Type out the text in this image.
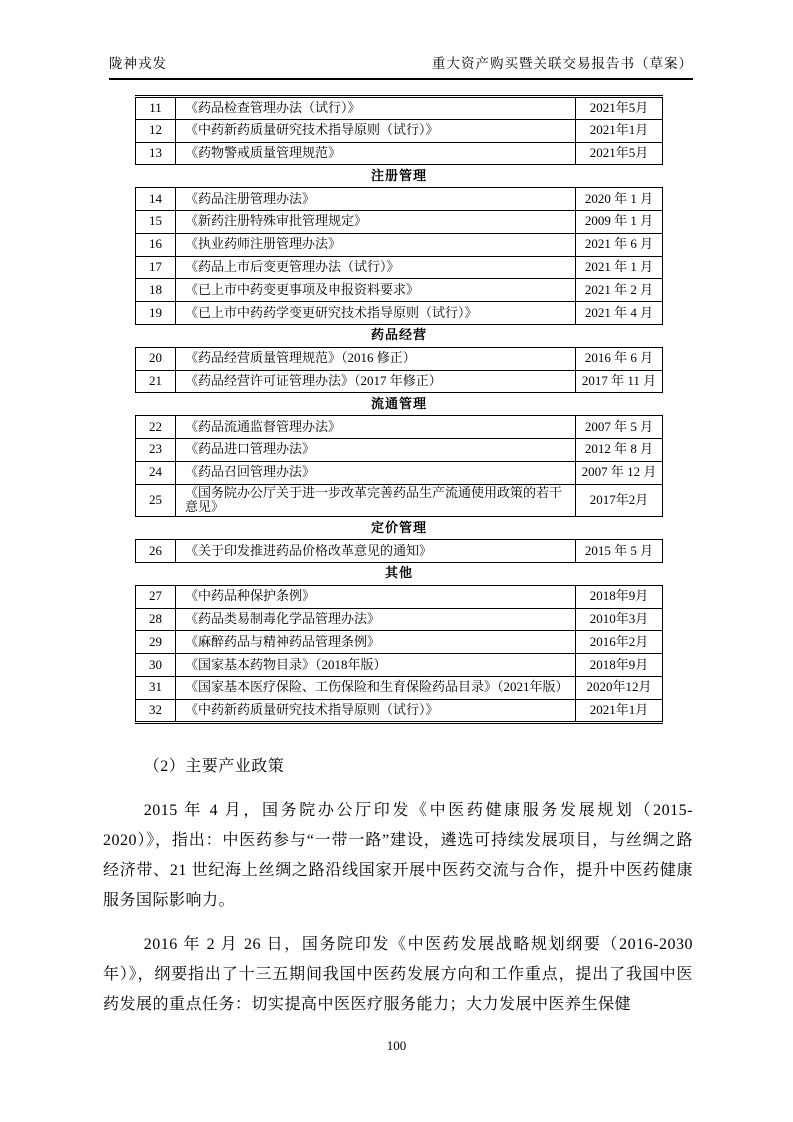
陇神戎发	重大资产购买暨关联交易报告书（草案）
11	《药品检查管理办法（试行）》	2021年5月
12	《中药新药质量研究技术指导原则（试行）》	2021年1月
13	《药物警戒质量管理规范》	2021年5月
注册管理		
14	《药品注册管理办法》	2020 年 1 月
15	《新药注册特殊审批管理规定》	2009 年 1 月
16	《执业药师注册管理办法》	2021 年 6 月
17	《药品上市后变更管理办法（试行）》	2021 年 1 月
18	《已上市中药变更事项及申报资料要求》	2021 年 2 月
19	《已上市中药药学变更研究技术指导原则（试行）》	2021 年 4 月
药品经营		
20	《药品经营质量管理规范》（2016 修正）	2016 年 6 月
21	《药品经营许可证管理办法》（2017 年修正）	2017 年 11 月
流通管理		
22	《药品流通监督管理办法》	2007 年 5 月
23	《药品进口管理办法》	2012 年 8 月
24	《药品召回管理办法》	2007 年 12 月
25	《国务院办公厅关于进一步改革完善药品生产流通使用政策的若干意见》	2017年2月
定价管理		
26	《关于印发推进药品价格改革意见的通知》	2015 年 5 月
其他		
27	《中药品种保护条例》	2018年9月
28	《药品类易制毒化学品管理办法》	2010年3月
29	《麻醉药品与精神药品管理条例》	2016年2月
30	《国家基本药物目录》（2018年版）	2018年9月
31	《国家基本医疗保险、工伤保险和生育保险药品目录》（2021年版）	2020年12月
32	《中药新药质量研究技术指导原则（试行）》	2021年1月
（2）主要产业政策

2015 年 4 月，国务院办公厅印发《中医药健康服务发展规划（2015-2020）》，指出：中医药参与“一带一路”建设，遴选可持续发展项目，与丝绸之路经济带、21 世纪海上丝绸之路沿线国家开展中医药交流与合作，提升中医药健康服务国际影响力。

2016 年 2 月 26 日，国务院印发《中医药发展战略规划纲要（2016-2030 年）》，纲要指出了十三五期间我国中医药发展方向和工作重点，提出了我国中医药发展的重点任务：切实提高中医医疗服务能力；大力发展中医养生保健

100
